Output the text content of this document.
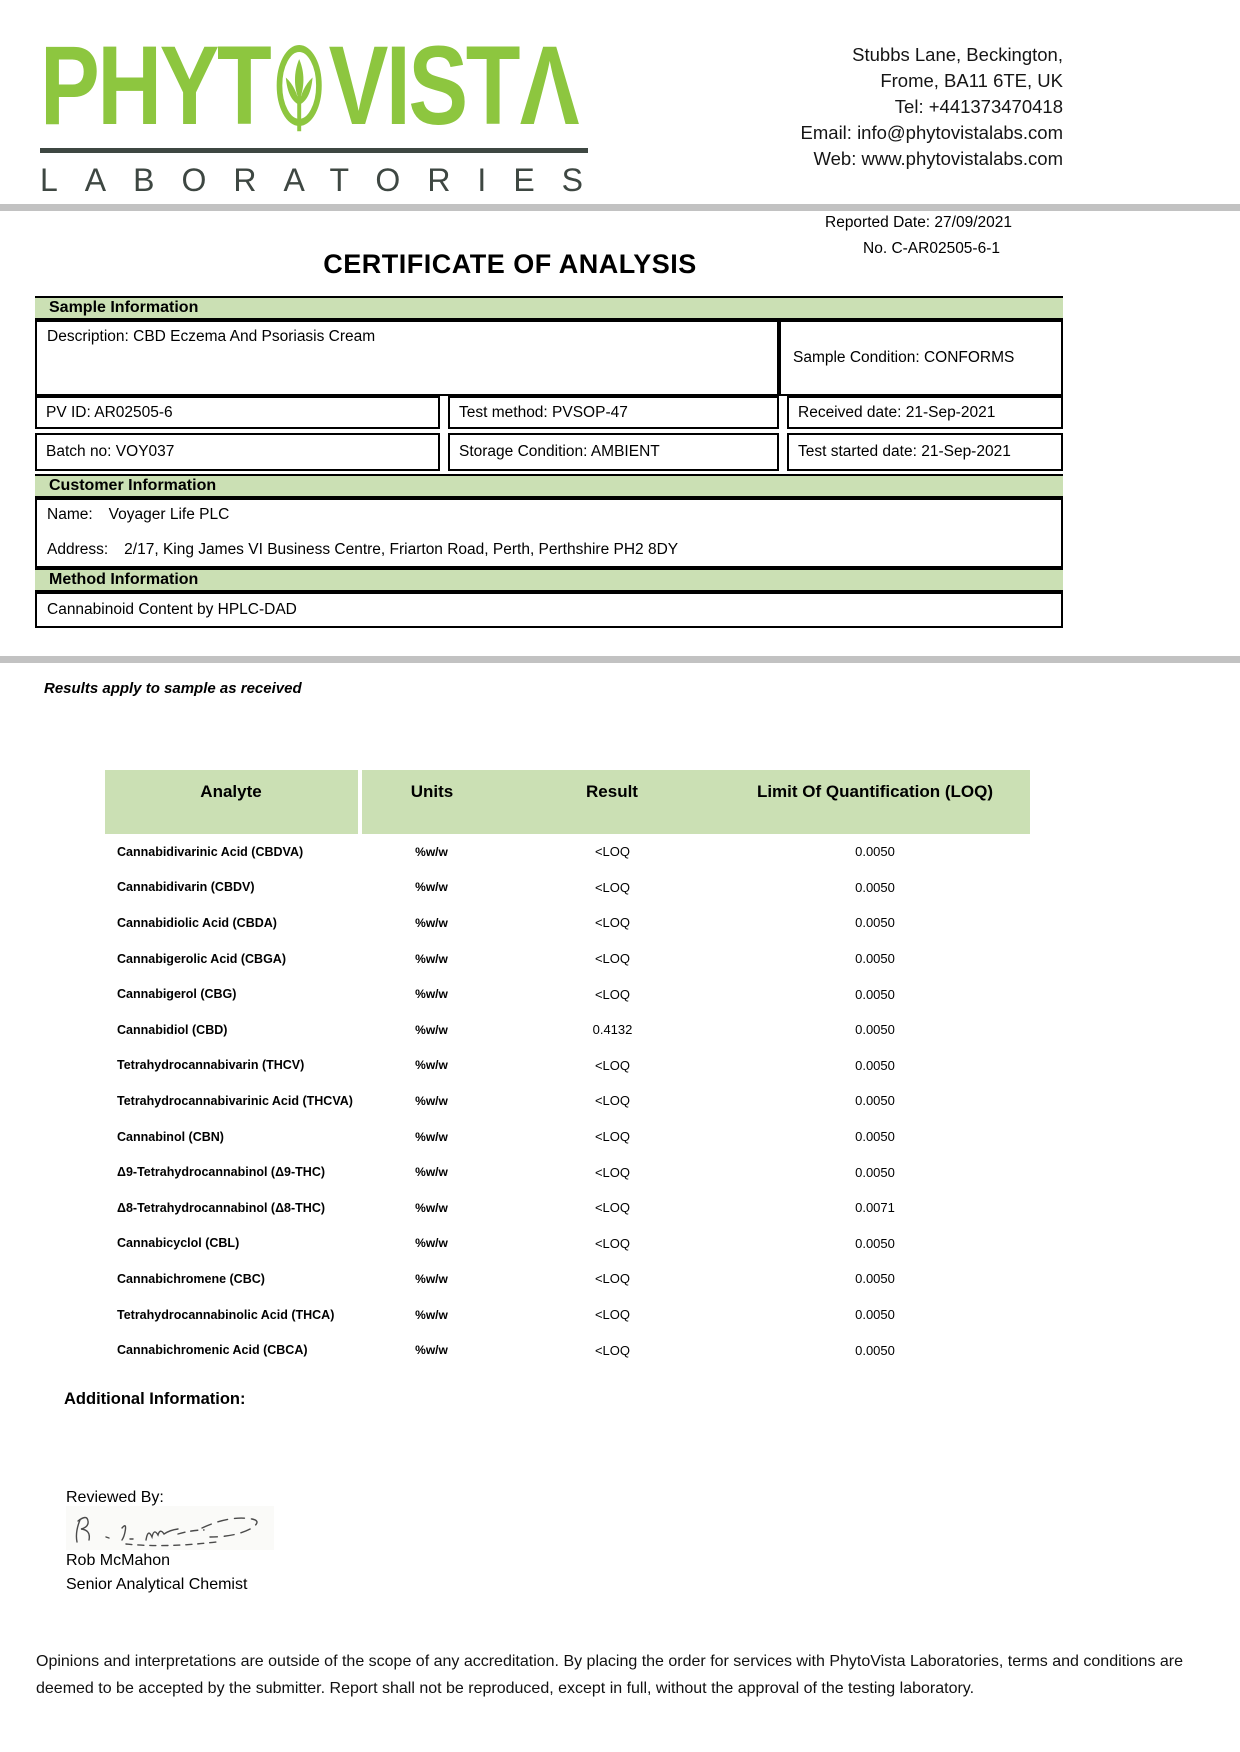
PHYT VIST Λ
LABORATORIES
Stubbs Lane, Beckington,
Frome, BA11 6TE, UK
Tel: +441373470418
Email: info@phytovistalabs.com
Web: www.phytovistalabs.com
Reported Date: 27/09/2021
No. C-AR02505-6-1
CERTIFICATE OF ANALYSIS
Sample Information
Description: CBD Eczema And Psoriasis Cream
Sample Condition: CONFORMS
PV ID: AR02505-6	Test method: PVSOP-47	Received date: 21-Sep-2021
Batch no: VOY037	Storage Condition: AMBIENT	Test started date: 21-Sep-2021
Customer Information
Name: Voyager Life PLC
Address: 2/17, King James VI Business Centre, Friarton Road, Perth, Perthshire PH2 8DY
Method Information
Cannabinoid Content by HPLC-DAD
Results apply to sample as received
Analyte	Units	Result	Limit Of Quantification (LOQ)
Cannabidivarinic Acid (CBDVA)	%w/w	<LOQ	0.0050
Cannabidivarin (CBDV)	%w/w	<LOQ	0.0050
Cannabidiolic Acid (CBDA)	%w/w	<LOQ	0.0050
Cannabigerolic Acid (CBGA)	%w/w	<LOQ	0.0050
Cannabigerol (CBG)	%w/w	<LOQ	0.0050
Cannabidiol (CBD)	%w/w	0.4132	0.0050
Tetrahydrocannabivarin (THCV)	%w/w	<LOQ	0.0050
Tetrahydrocannabivarinic Acid (THCVA)	%w/w	<LOQ	0.0050
Cannabinol (CBN)	%w/w	<LOQ	0.0050
Δ9-Tetrahydrocannabinol (Δ9-THC)	%w/w	<LOQ	0.0050
Δ8-Tetrahydrocannabinol (Δ8-THC)	%w/w	<LOQ	0.0071
Cannabicyclol (CBL)	%w/w	<LOQ	0.0050
Cannabichromene (CBC)	%w/w	<LOQ	0.0050
Tetrahydrocannabinolic Acid (THCA)	%w/w	<LOQ	0.0050
Cannabichromenic Acid (CBCA)	%w/w	<LOQ	0.0050
Additional Information:
Reviewed By:
Rob McMahon
Senior Analytical Chemist
Opinions and interpretations are outside of the scope of any accreditation. By placing the order for services with PhytoVista Laboratories, terms and conditions are deemed to be accepted by the submitter. Report shall not be reproduced, except in full, without the approval of the testing laboratory.
